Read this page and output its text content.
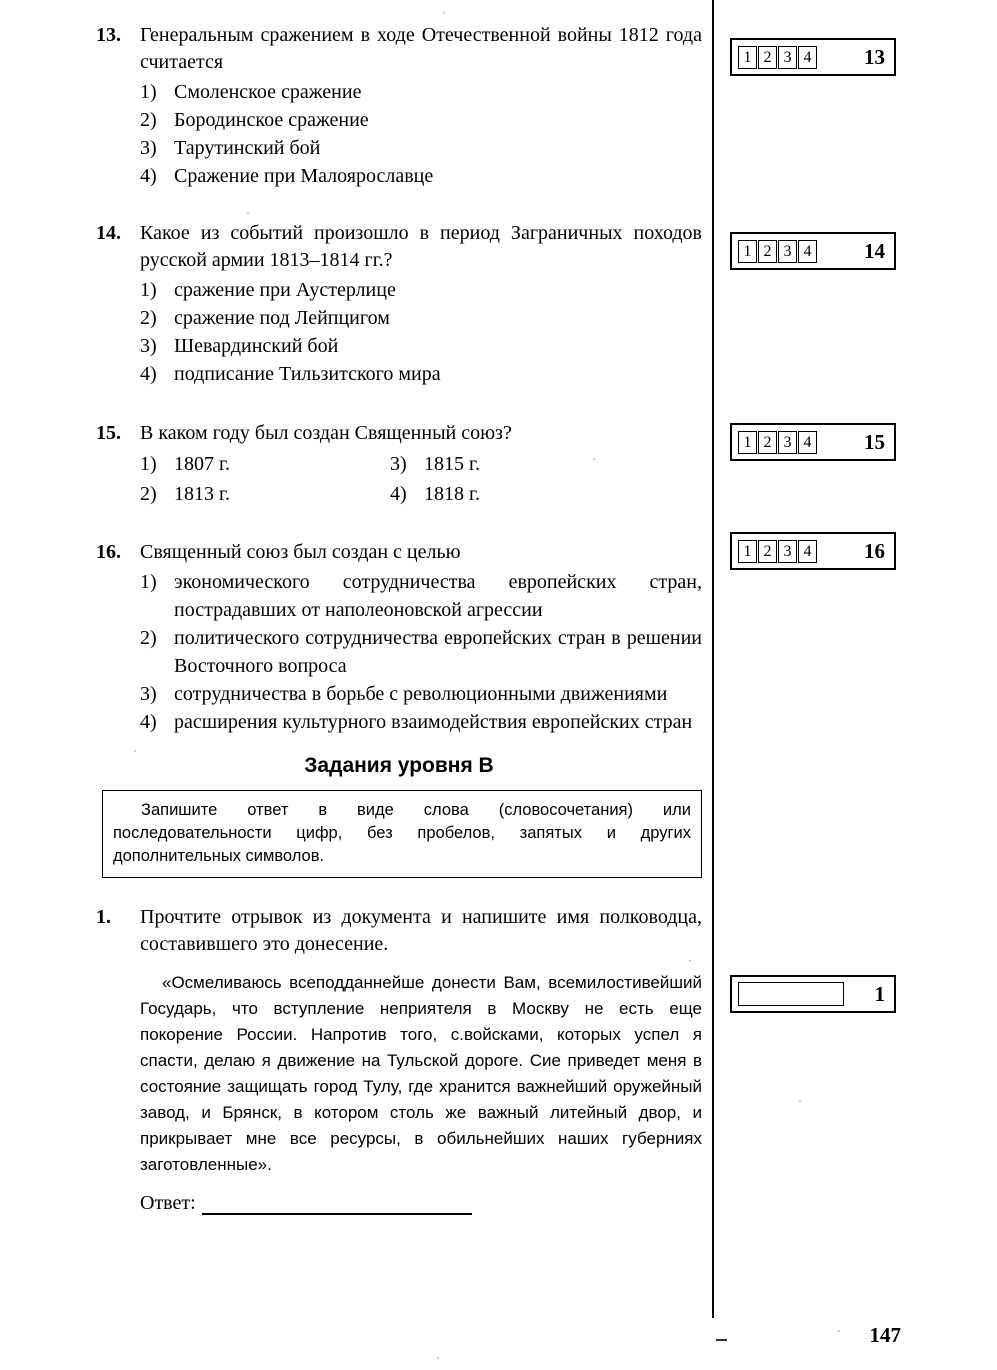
1 2 3 4	13
1 2 3 4	14
1 2 3 4	15
1 2 3 4	16
1
13. Генеральным сражением в ходе Отечественной войны 1812 года считается
1) Смоленское сражение
2) Бородинское сражение
3) Тарутинский бой
4) Сражение при Малоярославце
14. Какое из событий произошло в период Заграничных походов русской армии 1813–1814 гг.?
1) сражение при Аустерлице
2) сражение под Лейпцигом
3) Шевардинский бой
4) подписание Тильзитского мира
15. В каком году был создан Священный союз?
1) 1807 г.	3) 1815 г.
2) 1813 г.	4) 1818 г.
16. Священный союз был создан с целью
1) экономического сотрудничества европейских стран, пострадавших от наполеоновской агрессии
2) политического сотрудничества европейских стран в решении Восточного вопроса
3) сотрудничества в борьбе с революционными движениями
4) расширения культурного взаимодействия европейских стран
Задания уровня В
Запишите ответ в виде слова (словосочетания) или последовательности цифр, без пробелов, запятых и других дополнительных символов.
1.	Прочтите отрывок из документа и напишите имя полководца, составившего это донесение.
«Осмеливаюсь всеподданнейше донести Вам, всемилостивейший Государь, что вступление неприятеля в Москву не есть еще покорение России. Напротив того, с.войсками, которых успел я спасти, делаю я движение на Тульской дороге. Сие приведет меня в состояние защищать город Тулу, где хранится важнейший оружейный завод, и Брянск, в котором столь же важный литейный двор, и прикрывает мне все ресурсы, в обильнейших наших губерниях заготовленные».
Ответ:
147
